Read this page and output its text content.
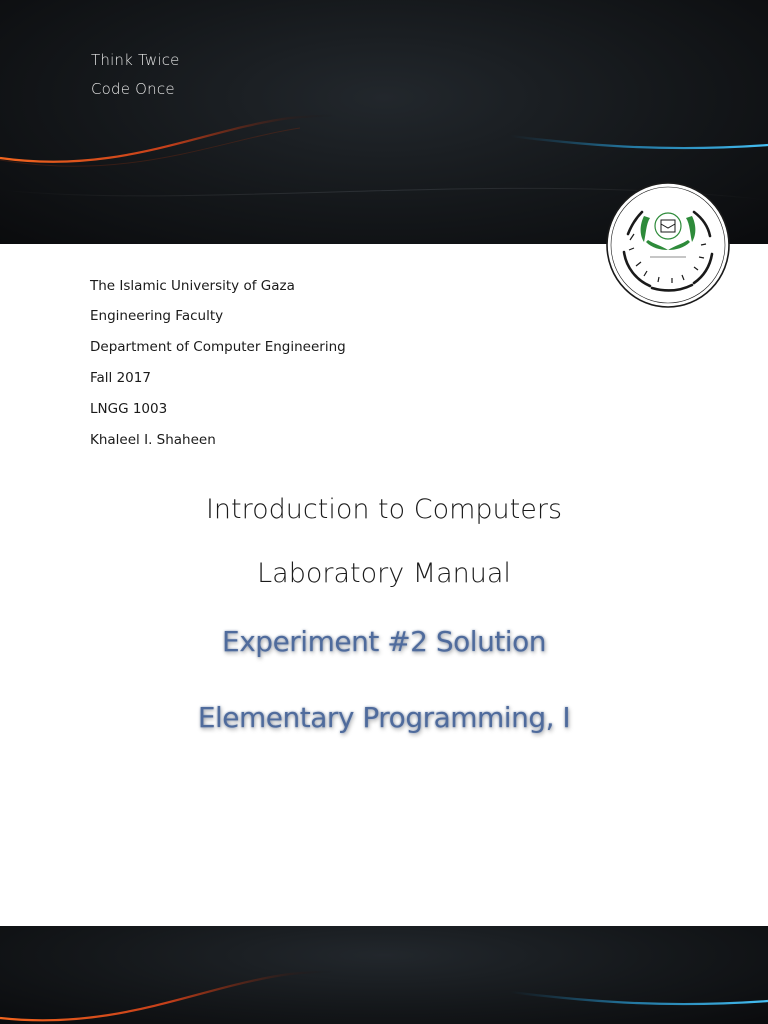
Think Twice
Code Once
The Islamic University of Gaza
Engineering Faculty
Department of Computer Engineering
Fall 2017
LNGG 1003
Khaleel I. Shaheen
Introduction to Computers
Laboratory Manual
Experiment #2 Solution
Elementary Programming, I
